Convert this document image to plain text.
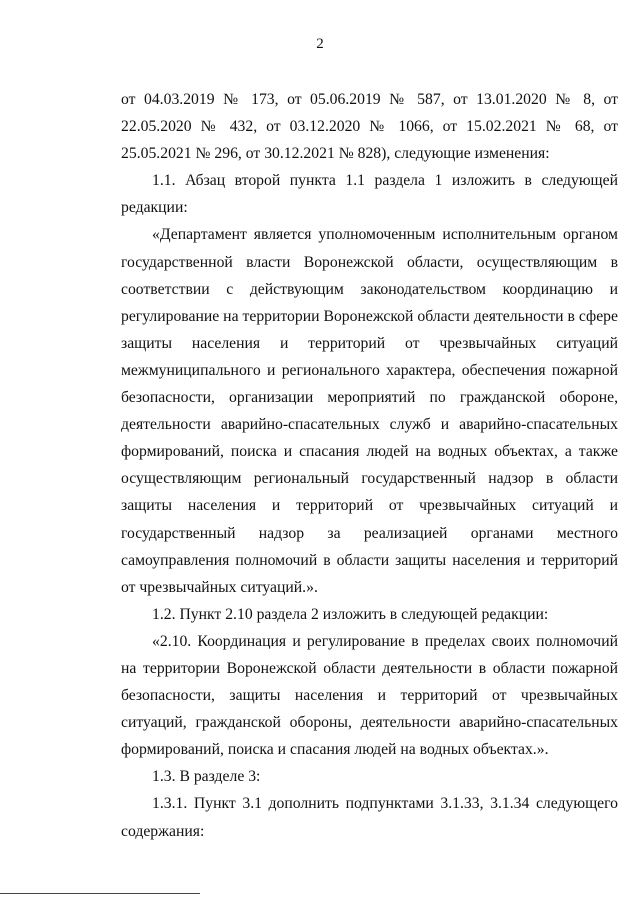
2

от 04.03.2019 № 173, от 05.06.2019 № 587, от 13.01.2020 № 8, от 22.05.2020 № 432, от 03.12.2020 № 1066, от 15.02.2021 № 68, от 25.05.2021 № 296, от 30.12.2021 № 828), следующие изменения:

1.1. Абзац второй пункта 1.1 раздела 1 изложить в следующей редакции:

«Департамент является уполномоченным исполнительным органом государственной власти Воронежской области, осуществляющим в соответствии с действующим законодательством координацию и регулирование на территории Воронежской области деятельности в сфере защиты населения и территорий от чрезвычайных ситуаций межмуниципального и регионального характера, обеспечения пожарной безопасности, организации мероприятий по гражданской обороне, деятельности аварийно-спасательных служб и аварийно-спасательных формирований, поиска и спасания людей на водных объектах, а также осуществляющим региональный государственный надзор в области защиты населения и территорий от чрезвычайных ситуаций и государственный надзор за реализацией органами местного самоуправления полномочий в области защиты населения и территорий от чрезвычайных ситуаций.».

1.2. Пункт 2.10 раздела 2 изложить в следующей редакции:

«2.10. Координация и регулирование в пределах своих полномочий на территории Воронежской области деятельности в области пожарной безопасности, защиты населения и территорий от чрезвычайных ситуаций, гражданской обороны, деятельности аварийно-спасательных формирований, поиска и спасания людей на водных объектах.».

1.3. В разделе 3:

1.3.1. Пункт 3.1 дополнить подпунктами 3.1.33, 3.1.34 следующего содержания:
